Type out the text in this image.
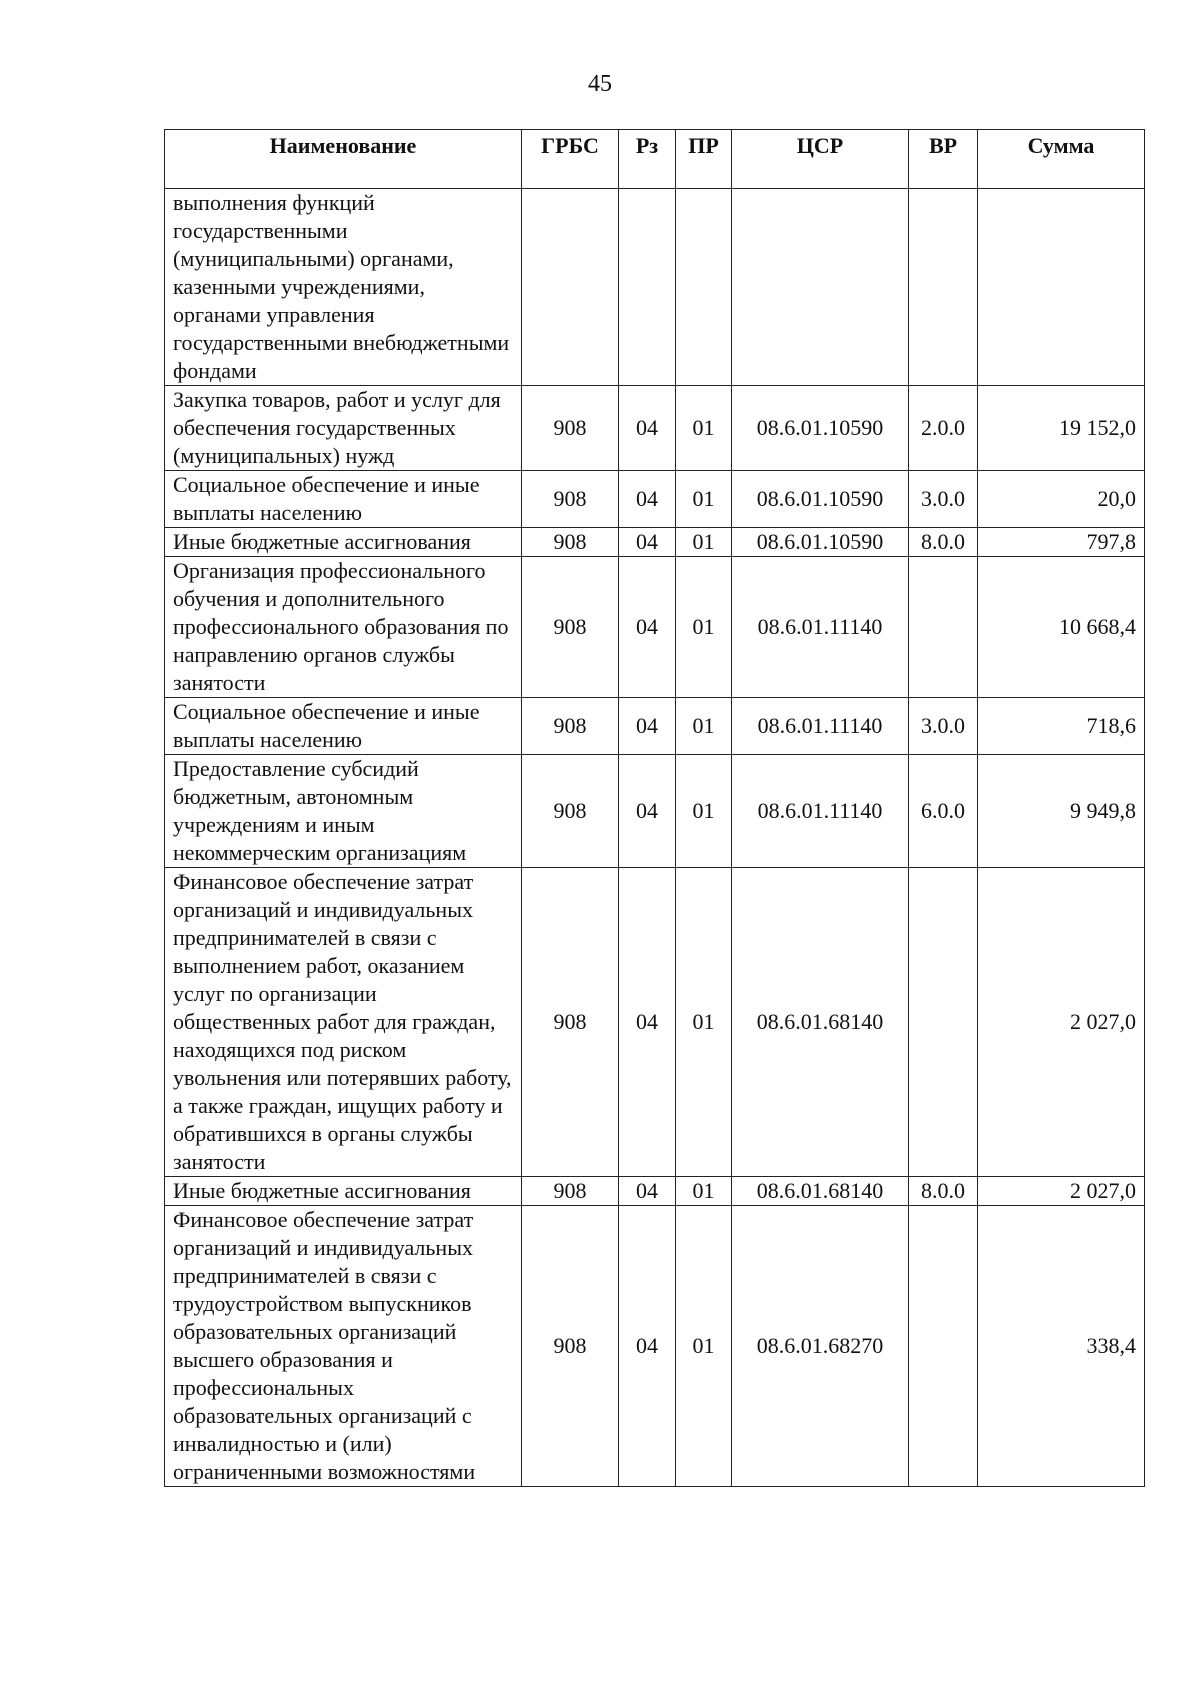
45
Наименование	ГРБС	Рз	ПР	ЦСР	ВР	Сумма
выполнения функций государственными (муниципальными) органами, казенными учреждениями, органами управления государственными внебюджетными фондами						
Закупка товаров, работ и услуг для обеспечения государственных (муниципальных) нужд	908	04	01	08.6.01.10590	2.0.0	19 152,0
Социальное обеспечение и иные выплаты населению	908	04	01	08.6.01.10590	3.0.0	20,0
Иные бюджетные ассигнования	908	04	01	08.6.01.10590	8.0.0	797,8
Организация профессионального обучения и дополнительного профессионального образования по направлению органов службы занятости	908	04	01	08.6.01.11140		10 668,4
Социальное обеспечение и иные выплаты населению	908	04	01	08.6.01.11140	3.0.0	718,6
Предоставление субсидий бюджетным, автономным учреждениям и иным некоммерческим организациям	908	04	01	08.6.01.11140	6.0.0	9 949,8
Финансовое обеспечение затрат организаций и индивидуальных предпринимателей в связи с выполнением работ, оказанием услуг по организации общественных работ для граждан, находящихся под риском увольнения или потерявших работу, а также граждан, ищущих работу и обратившихся в органы службы занятости	908	04	01	08.6.01.68140		2 027,0
Иные бюджетные ассигнования	908	04	01	08.6.01.68140	8.0.0	2 027,0
Финансовое обеспечение затрат организаций и индивидуальных предпринимателей в связи с трудоустройством выпускников образовательных организаций высшего образования и профессиональных образовательных организаций с инвалидностью и (или) ограниченными возможностями	908	04	01	08.6.01.68270		338,4
